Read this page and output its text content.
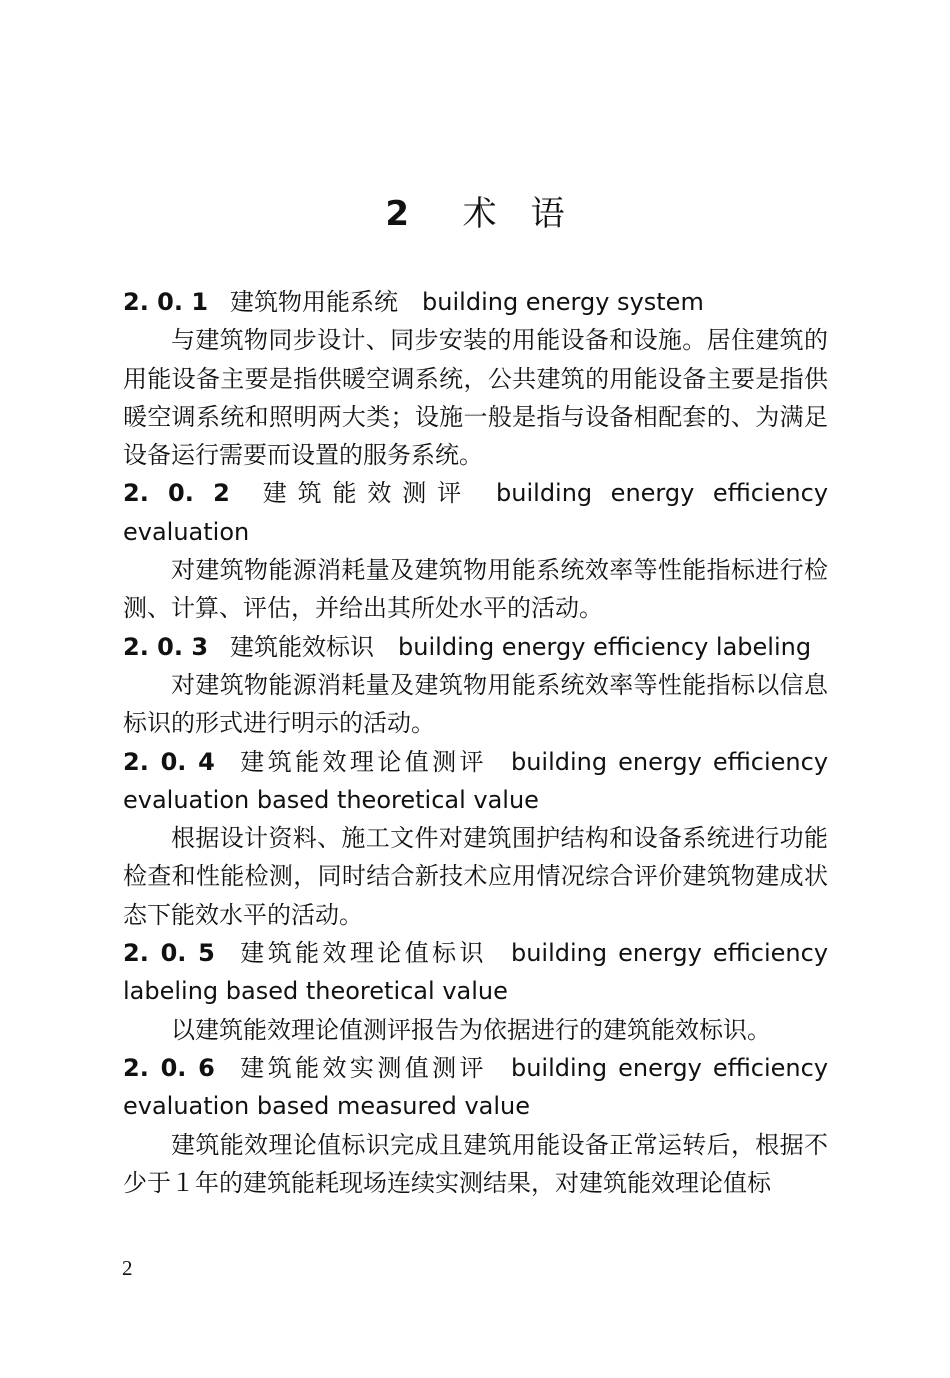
2 术　语
2. 0. 1 建筑物用能系统 building energy system

与建筑物同步设计、同步安装的用能设备和设施。居住建筑的用能设备主要是指供暖空调系统，公共建筑的用能设备主要是指供暖空调系统和照明两大类；设施一般是指与设备相配套的、为满足设备运行需要而设置的服务系统。

2. 0. 2 建筑能效测评 building energy efficiency evaluation

对建筑物能源消耗量及建筑物用能系统效率等性能指标进行检测、计算、评估，并给出其所处水平的活动。

2. 0. 3 建筑能效标识 building energy efficiency labeling

对建筑物能源消耗量及建筑物用能系统效率等性能指标以信息标识的形式进行明示的活动。

2. 0. 4 建筑能效理论值测评 building energy efficiency evaluation based theoretical value

根据设计资料、施工文件对建筑围护结构和设备系统进行功能检查和性能检测，同时结合新技术应用情况综合评价建筑物建成状态下能效水平的活动。

2. 0. 5 建筑能效理论值标识 building energy efficiency labeling based theoretical value

以建筑能效理论值测评报告为依据进行的建筑能效标识。

2. 0. 6 建筑能效实测值测评 building energy efficiency evaluation based measured value

建筑能效理论值标识完成且建筑用能设备正常运转后，根据不少于１年的建筑能耗现场连续实测结果，对建筑能效理论值标

2
